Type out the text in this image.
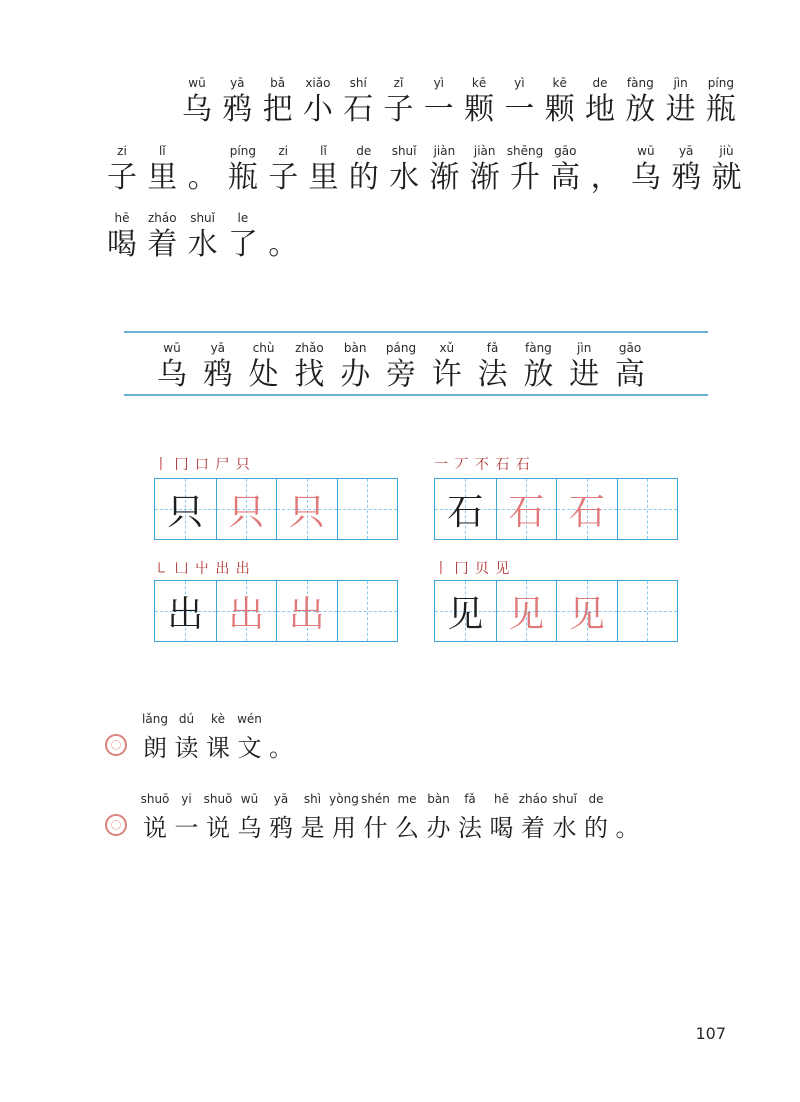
wū
乌
yā
鸦
bǎ
把
xiǎo
小
shí
石
zǐ
子
yì
一
kē
颗
yì
一
kē
颗
de
地
fàng
放
jìn
进
píng
瓶
zi
子
lǐ
里 。
píng
瓶
zi
子
lǐ
里
de
的
shuǐ
水
jiàn
渐
jiàn
渐
shēng
升
gāo
高 ，
wū
乌
yā
鸦
jiù
就
hē
喝
zháo
着
shuǐ
水
le
了 。
wū
乌
yā
鸦
chù
处
zhǎo
找
bàn
办
páng
旁
xǔ
许
fǎ
法
fàng
放
jìn
进
gāo
高
丨 冂 口 尸 只
只 只 只
一 丆 不 石 石
石 石 石
㇄ 凵 屮 出 出
出 出 出
丨 冂 贝 见
见 见 见
lǎng
朗
dú
读
kè
课
wén
文 。
shuō
说
yi
一
shuō
说
wū
乌
yā
鸦
shì
是
yòng
用
shén
什
me
么
bàn
办
fǎ
法
hē
喝
zháo
着
shuǐ
水
de
的 。
107
